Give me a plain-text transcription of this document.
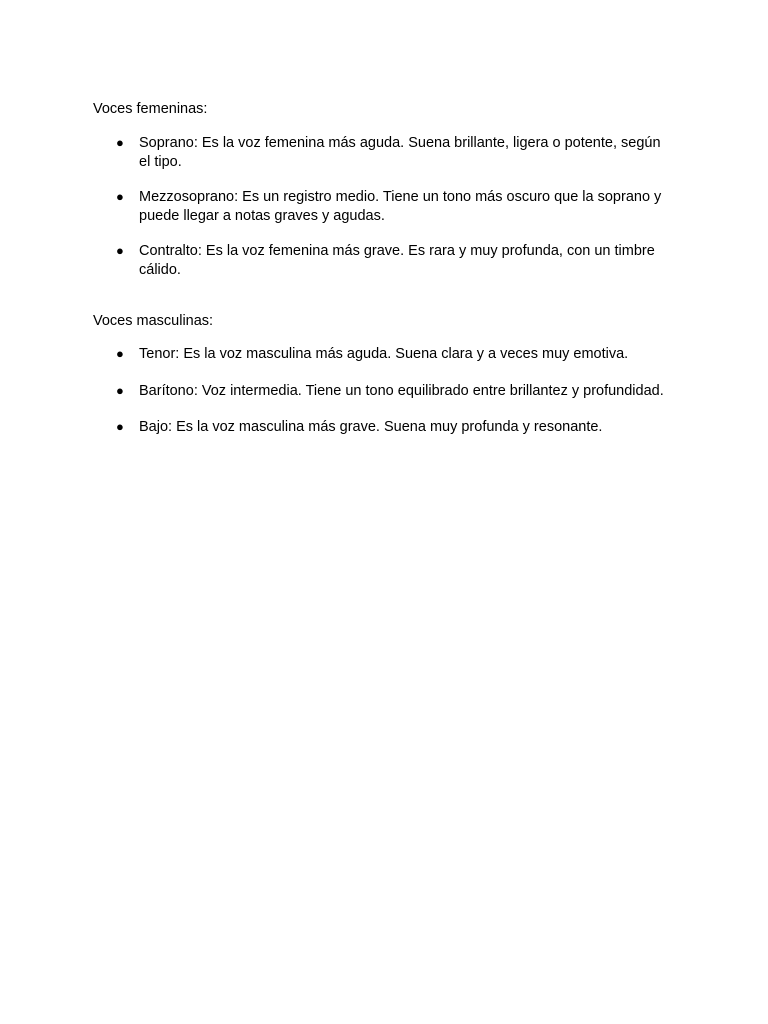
Voces femeninas:

● Soprano: Es la voz femenina más aguda. Suena brillante, ligera o potente, según el tipo.
● Mezzosoprano: Es un registro medio. Tiene un tono más oscuro que la soprano y puede llegar a notas graves y agudas.
● Contralto: Es la voz femenina más grave. Es rara y muy profunda, con un timbre cálido.

Voces masculinas:

● Tenor: Es la voz masculina más aguda. Suena clara y a veces muy emotiva.
● Barítono: Voz intermedia. Tiene un tono equilibrado entre brillantez y profundidad.
● Bajo: Es la voz masculina más grave. Suena muy profunda y resonante.
